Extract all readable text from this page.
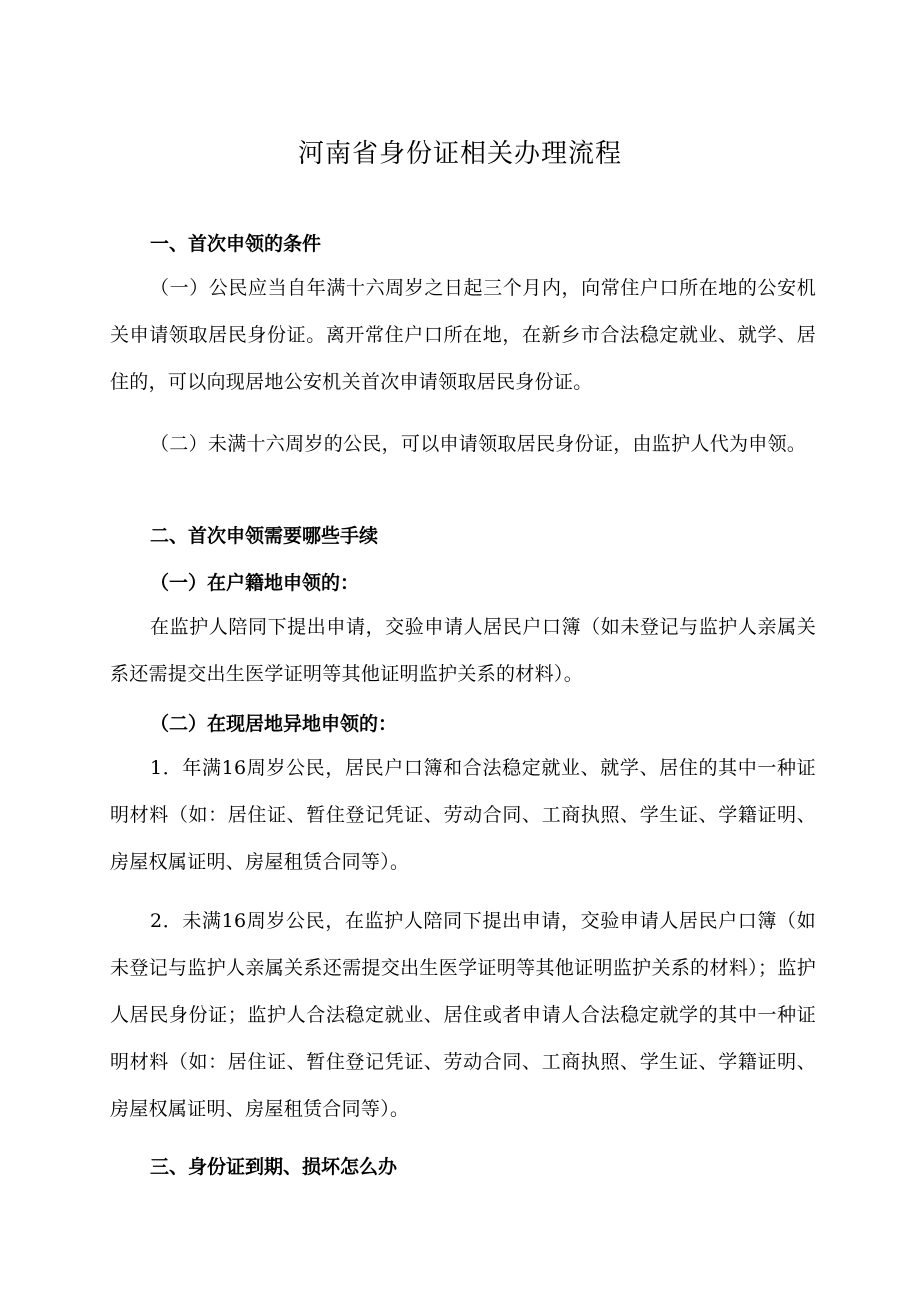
河南省身份证相关办理流程
一、首次申领的条件

（一）公民应当自年满十六周岁之日起三个月内，向常住户口所在地的公安机关申请领取居民身份证。离开常住户口所在地，在新乡市合法稳定就业、就学、居住的，可以向现居地公安机关首次申请领取居民身份证。

（二）未满十六周岁的公民，可以申请领取居民身份证，由监护人代为申领。

二、首次申领需要哪些手续
（一）在户籍地申领的：

在监护人陪同下提出申请，交验申请人居民户口簿（如未登记与监护人亲属关系还需提交出生医学证明等其他证明监护关系的材料）。

（二）在现居地异地申领的：

1．年满16周岁公民，居民户口簿和合法稳定就业、就学、居住的其中一种证明材料（如：居住证、暂住登记凭证、劳动合同、工商执照、学生证、学籍证明、房屋权属证明、房屋租赁合同等）。

2．未满16周岁公民，在监护人陪同下提出申请，交验申请人居民户口簿（如未登记与监护人亲属关系还需提交出生医学证明等其他证明监护关系的材料）；监护人居民身份证；监护人合法稳定就业、居住或者申请人合法稳定就学的其中一种证明材料（如：居住证、暂住登记凭证、劳动合同、工商执照、学生证、学籍证明、房屋权属证明、房屋租赁合同等）。

三、身份证到期、损坏怎么办
